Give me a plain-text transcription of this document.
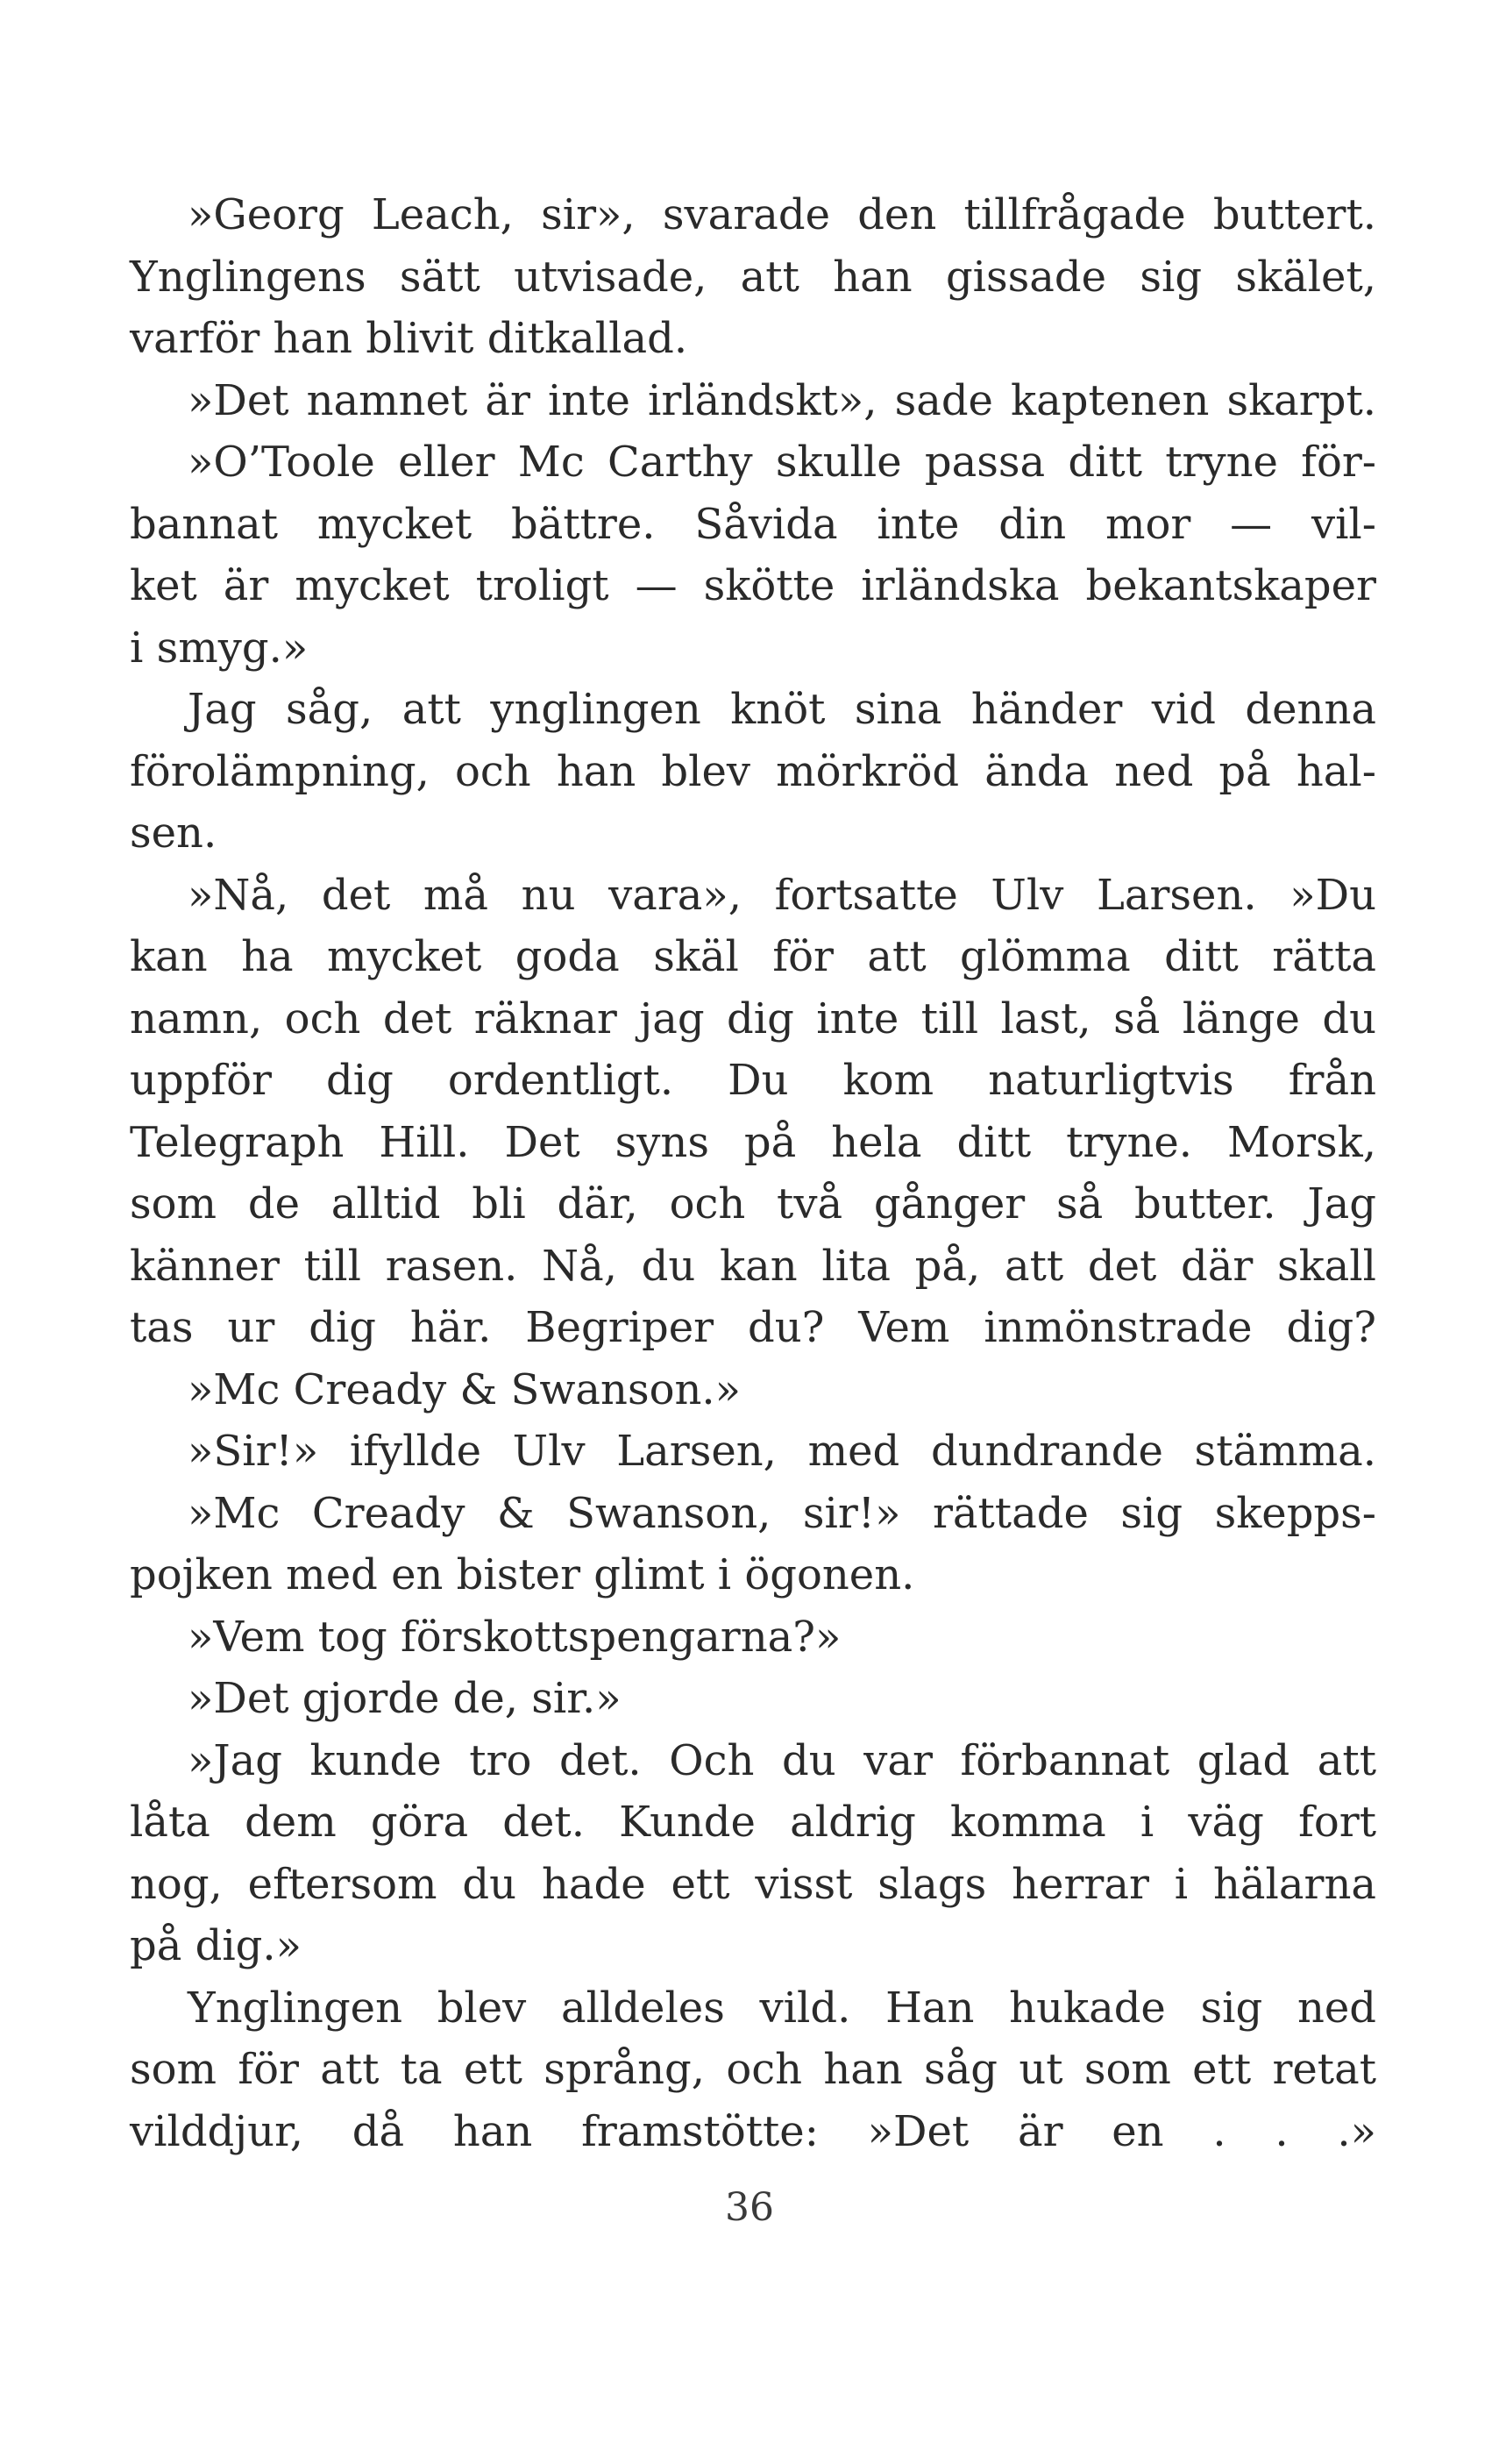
»Georg Leach, sir», svarade den tillfrågade buttert.
Ynglingens sätt utvisade, att han gissade sig skälet,
varför han blivit ditkallad.
»Det namnet är inte irländskt», sade kaptenen skarpt.
»O’Toole eller Mc Carthy skulle passa ditt tryne för-
bannat mycket bättre. Såvida inte din mor — vil-
ket är mycket troligt — skötte irländska bekantskaper
i smyg.»
Jag såg, att ynglingen knöt sina händer vid denna
förolämpning, och han blev mörkröd ända ned på hal-
sen.
»Nå, det må nu vara», fortsatte Ulv Larsen. »Du
kan ha mycket goda skäl för att glömma ditt rätta
namn, och det räknar jag dig inte till last, så länge du
uppför dig ordentligt. Du kom naturligtvis från
Telegraph Hill. Det syns på hela ditt tryne. Morsk,
som de alltid bli där, och två gånger så butter. Jag
känner till rasen. Nå, du kan lita på, att det där skall
tas ur dig här. Begriper du? Vem inmönstrade dig?
»Mc Cready & Swanson.»
»Sir!» ifyllde Ulv Larsen, med dundrande stämma.
»Mc Cready & Swanson, sir!» rättade sig skepps-
pojken med en bister glimt i ögonen.
»Vem tog förskottspengarna?»
»Det gjorde de, sir.»
»Jag kunde tro det. Och du var förbannat glad att
låta dem göra det. Kunde aldrig komma i väg fort
nog, eftersom du hade ett visst slags herrar i hälarna
på dig.»
Ynglingen blev alldeles vild. Han hukade sig ned
som för att ta ett språng, och han såg ut som ett retat
vilddjur, då han framstötte: »Det är en . . .»
36
